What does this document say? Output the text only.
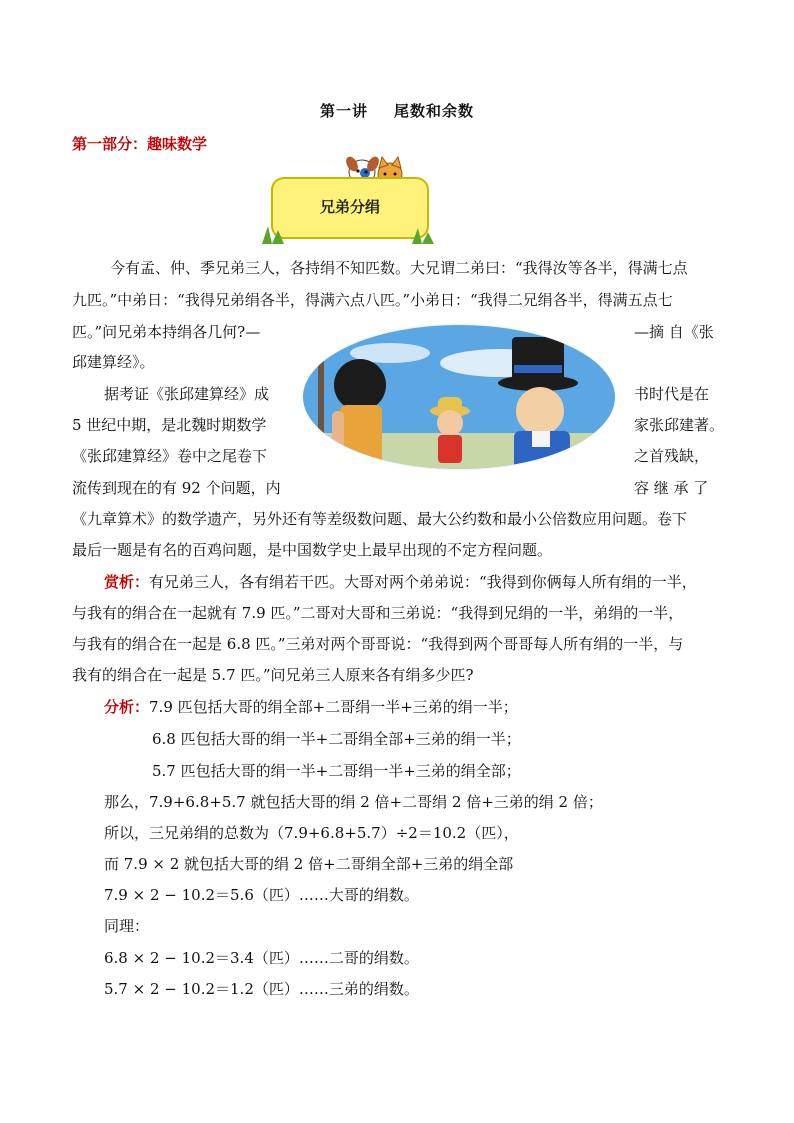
第一讲 尾数和余数
第一部分：趣味数学
兄弟分绢
今有孟、仲、季兄弟三人，各持绢不知匹数。大兄谓二弟曰：“我得汝等各半，得满七点
九匹。”中弟日：“我得兄弟绢各半，得满六点八匹。”小弟日：“我得二兄绢各半，得满五点七
匹。”问兄弟本持绢各几何?—	—摘 自《张
邱建算经》。
据考证《张邱建算经》成	书时代是在
5 世纪中期，是北魏时期数学	家张邱建著。
《张邱建算经》卷中之尾卷下	之首残缺，
流传到现在的有 92 个问题，内	容 继 承 了
《九章算术》的数学遗产，另外还有等差级数问题、最大公约数和最小公倍数应用问题。卷下
最后一题是有名的百鸡问题，是中国数学史上最早出现的不定方程问题。
赏析：有兄弟三人，各有绢若干匹。大哥对两个弟弟说：“我得到你俩每人所有绢的一半，
与我有的绢合在一起就有 7.9 匹。”二哥对大哥和三弟说：“我得到兄绢的一半，弟绢的一半，
与我有的绢合在一起是 6.8 匹。”三弟对两个哥哥说：“我得到两个哥哥每人所有绢的一半，与
我有的绢合在一起是 5.7 匹。”问兄弟三人原来各有绢多少匹?
分析：7.9 匹包括大哥的绢全部+二哥绢一半+三弟的绢一半；
6.8 匹包括大哥的绢一半+二哥绢全部+三弟的绢一半；
5.7 匹包括大哥的绢一半+二哥绢一半+三弟的绢全部；
那么，7.9+6.8+5.7 就包括大哥的绢 2 倍+二哥绢 2 倍+三弟的绢 2 倍；
所以，三兄弟绢的总数为（7.9+6.8+5.7）÷2＝10.2（匹），
而 7.9 × 2 就包括大哥的绢 2 倍+二哥绢全部+三弟的绢全部
7.9 × 2 − 10.2＝5.6（匹）……大哥的绢数。
同理：
6.8 × 2 − 10.2＝3.4（匹）……二哥的绢数。
5.7 × 2 − 10.2＝1.2（匹）……三弟的绢数。
